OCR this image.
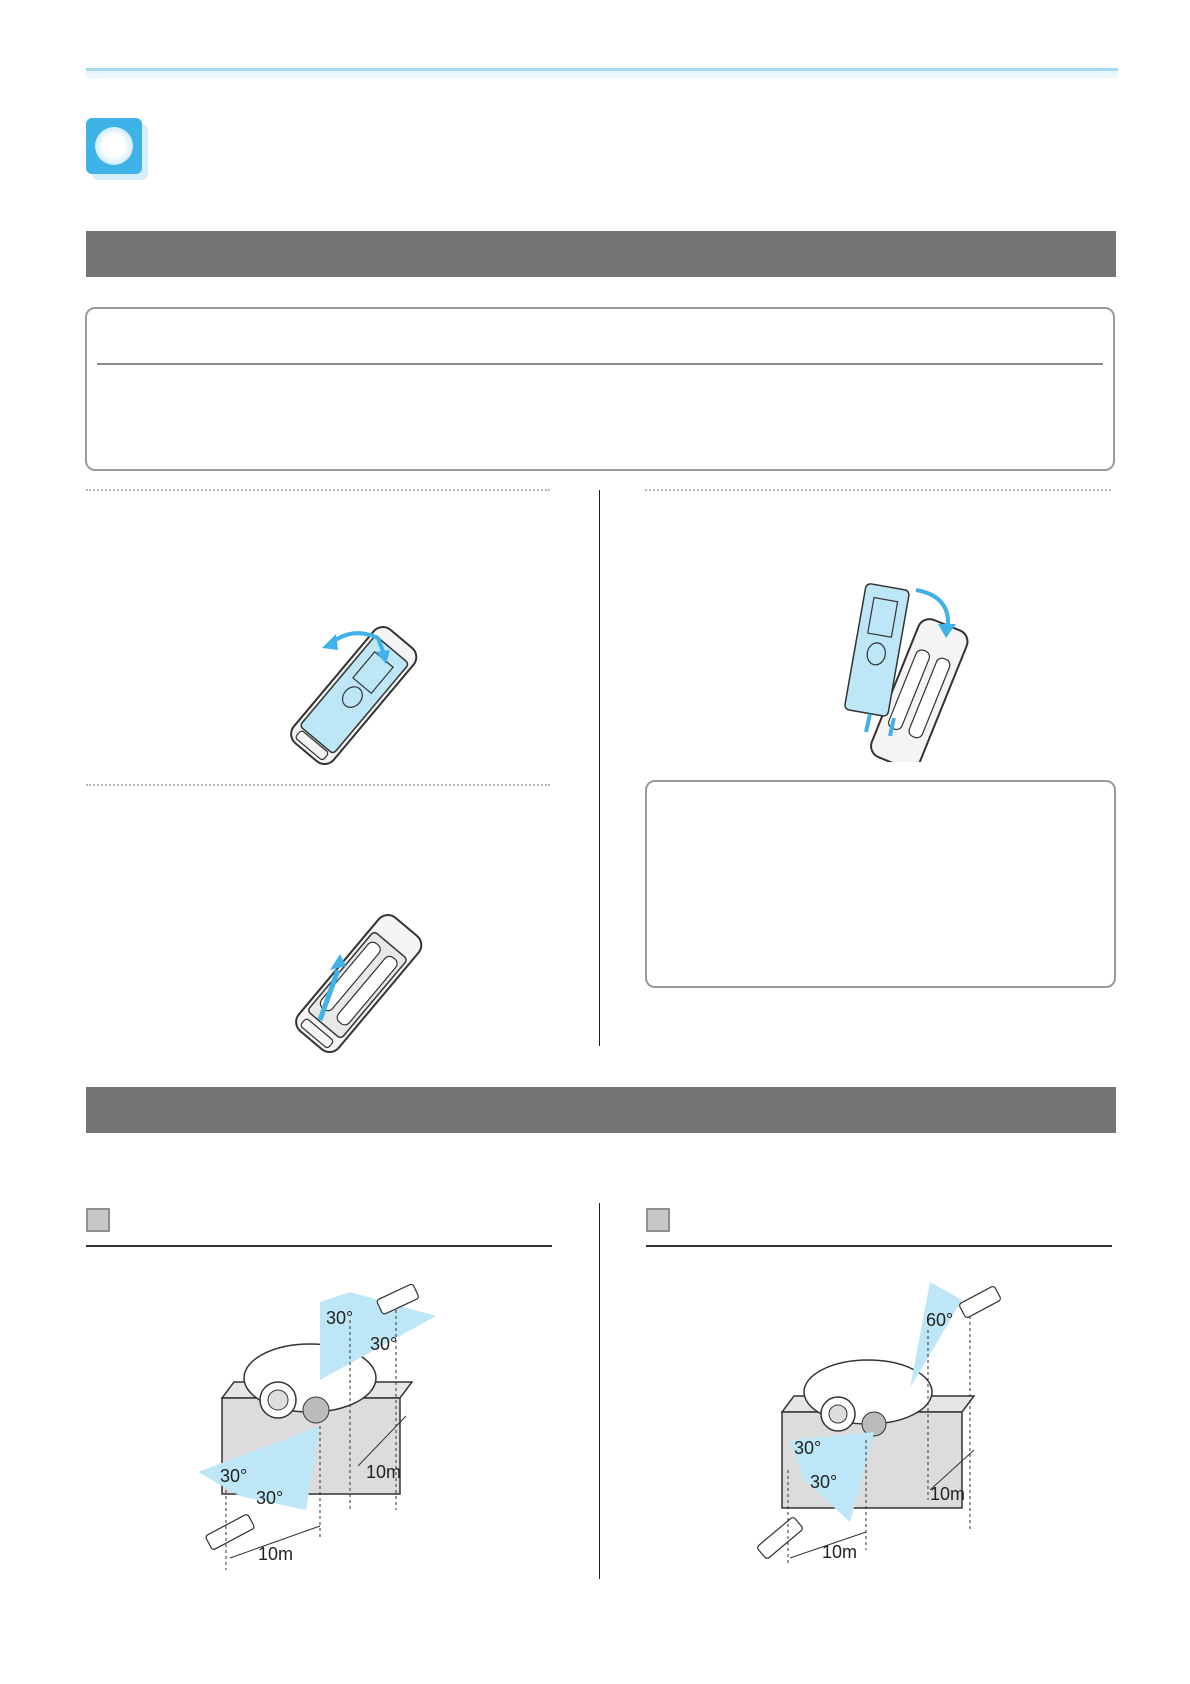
30°
30°
30°
30°
10m
10m
60°
30°
30°
10m
10m
